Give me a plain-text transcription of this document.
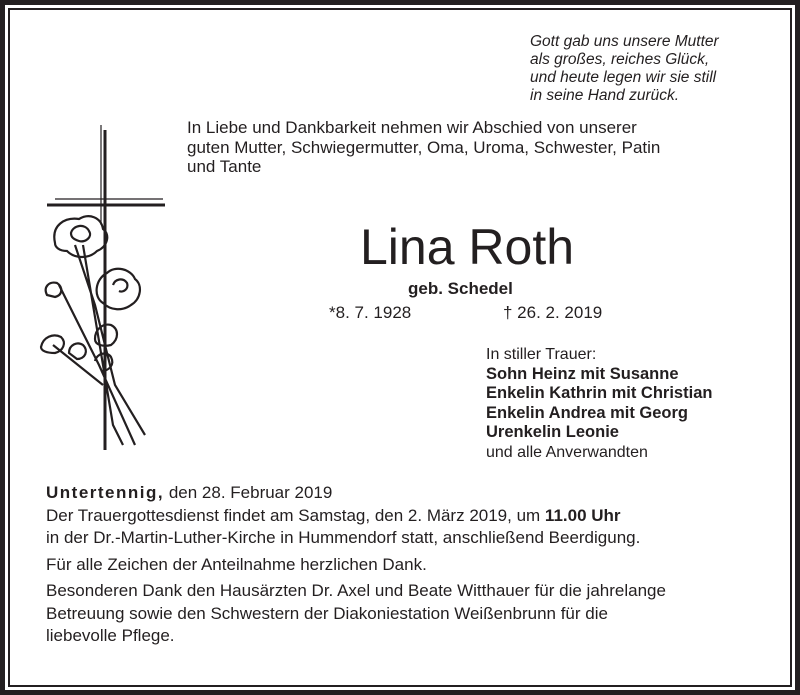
Gott gab uns unsere Mutter
als großes, reiches Glück,
und heute legen wir sie still
in seine Hand zurück.
In Liebe und Dankbarkeit nehmen wir Abschied von unserer
guten Mutter, Schwiegermutter, Oma, Uroma, Schwester, Patin
und Tante
Lina Roth
geb. Schedel
*8. 7. 1928	† 26. 2. 2019
In stiller Trauer:
Sohn Heinz mit Susanne
Enkelin Kathrin mit Christian
Enkelin Andrea mit Georg
Urenkelin Leonie
und alle Anverwandten
Untertennig, den 28. Februar 2019
Der Trauergottesdienst findet am Samstag, den 2. März 2019, um 11.00 Uhr
in der Dr.-Martin-Luther-Kirche in Hummendorf statt, anschließend Beerdigung.
Für alle Zeichen der Anteilnahme herzlichen Dank.
Besonderen Dank den Hausärzten Dr. Axel und Beate Witthauer für die jahrelange
Betreuung sowie den Schwestern der Diakoniestation Weißenbrunn für die
liebevolle Pflege.
